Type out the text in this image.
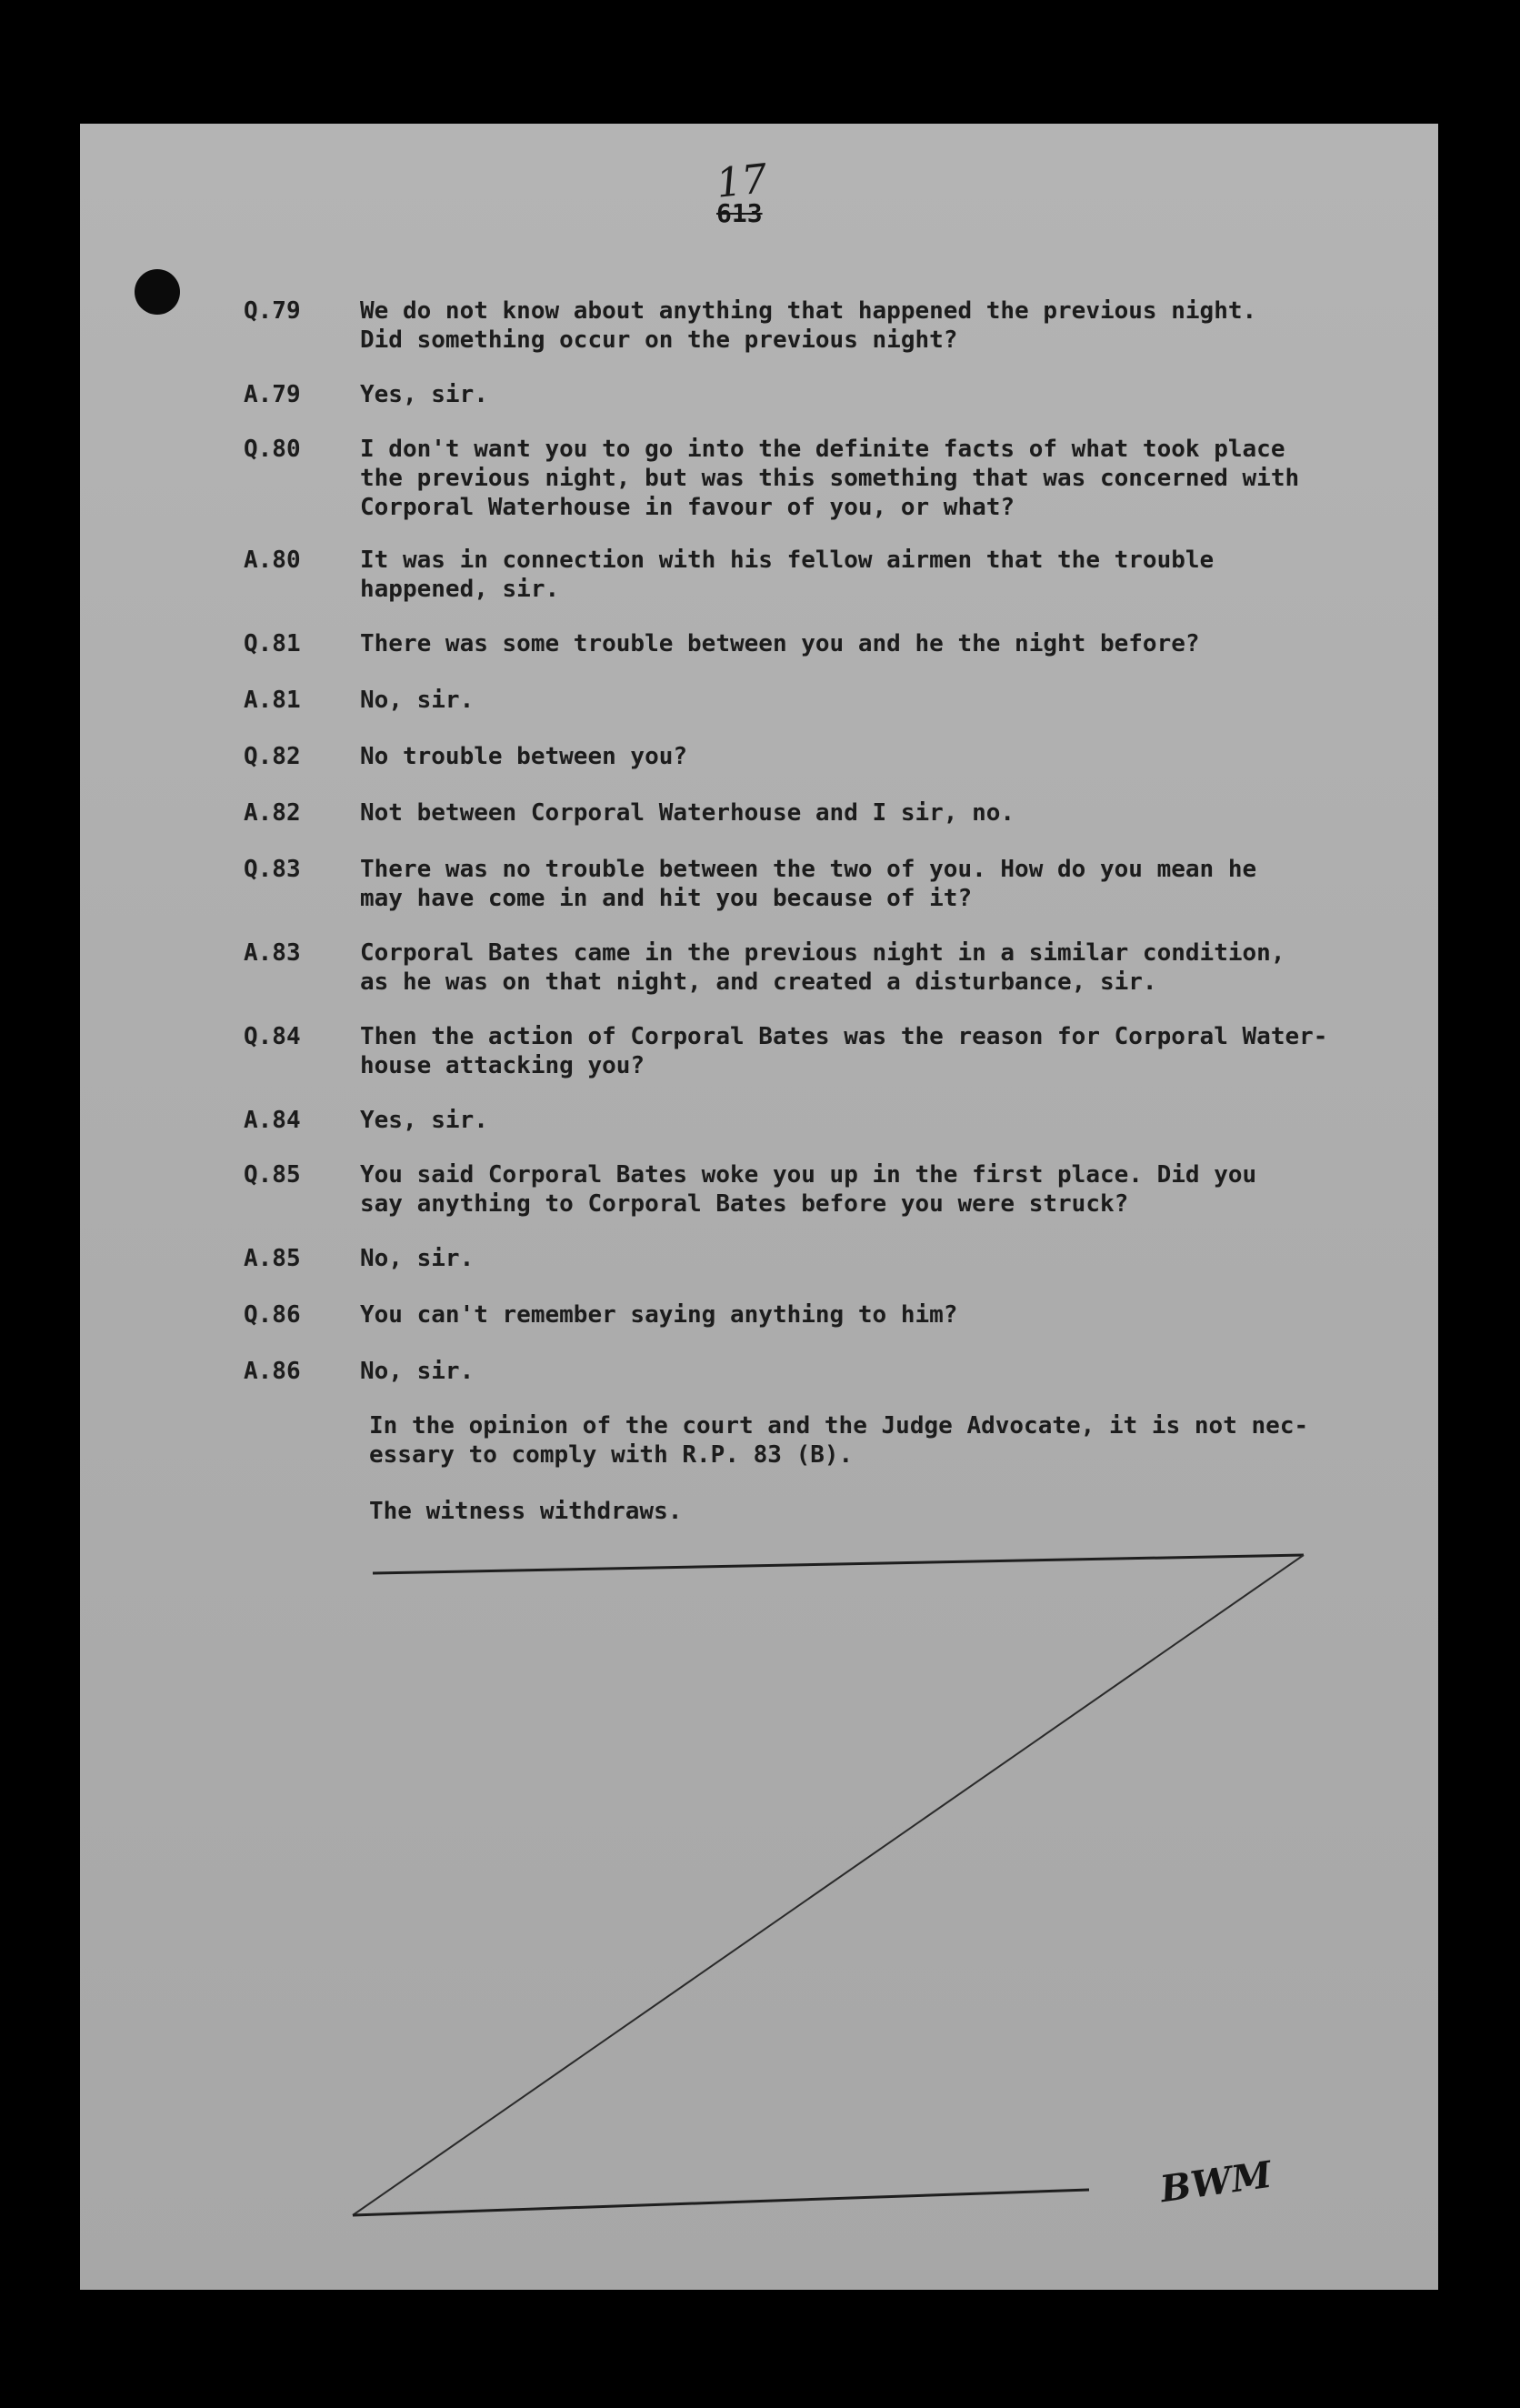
17
613
Q.79	We do not know about anything that happened the previous night.
Did something occur on the previous night?
A.79	Yes, sir.
Q.80	I don't want you to go into the definite facts of what took place
the previous night, but was this something that was concerned with
Corporal Waterhouse in favour of you, or what?
A.80	It was in connection with his fellow airmen that the trouble
happened, sir.
Q.81	There was some trouble between you and he the night before?
A.81	No, sir.
Q.82	No trouble between you?
A.82	Not between Corporal Waterhouse and I sir, no.
Q.83	There was no trouble between the two of you. How do you mean he
may have come in and hit you because of it?
A.83	Corporal Bates came in the previous night in a similar condition,
as he was on that night, and created a disturbance, sir.
Q.84	Then the action of Corporal Bates was the reason for Corporal Water-
house attacking you?
A.84	Yes, sir.
Q.85	You said Corporal Bates woke you up in the first place. Did you
say anything to Corporal Bates before you were struck?
A.85	No, sir.
Q.86	You can't remember saying anything to him?
A.86	No, sir.
In the opinion of the court and the Judge Advocate, it is not nec-
essary to comply with R.P. 83 (B).
The witness withdraws.
BWM
